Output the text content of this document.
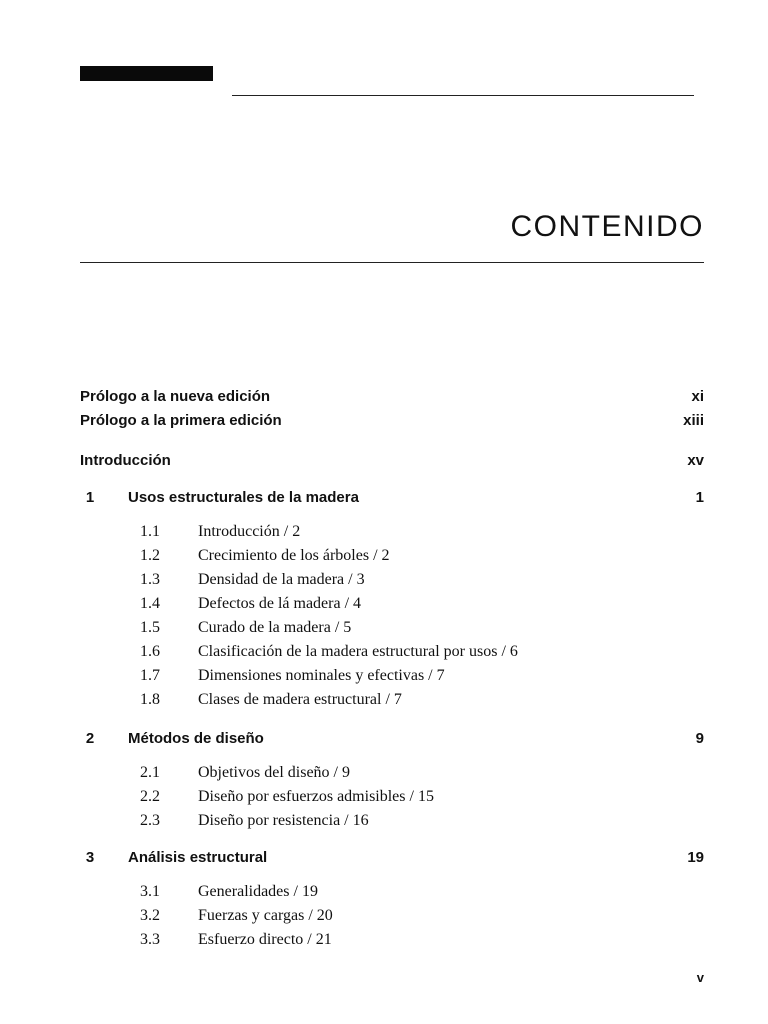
CONTENIDO
Prólogo a la nueva edición	xi
Prólogo a la primera edición	xiii
Introducción	xv
1	Usos estructurales de la madera	1
1.1 Introducción / 2
1.2 Crecimiento de los árboles / 2
1.3 Densidad de la madera / 3
1.4 Defectos de lá madera / 4
1.5 Curado de la madera / 5
1.6 Clasificación de la madera estructural por usos / 6
1.7 Dimensiones nominales y efectivas / 7
1.8 Clases de madera estructural / 7
2	Métodos de diseño	9
2.1 Objetivos del diseño / 9
2.2 Diseño por esfuerzos admisibles / 15
2.3 Diseño por resistencia / 16
3	Análisis estructural	19
3.1 Generalidades / 19
3.2 Fuerzas y cargas / 20
3.3 Esfuerzo directo / 21
v
